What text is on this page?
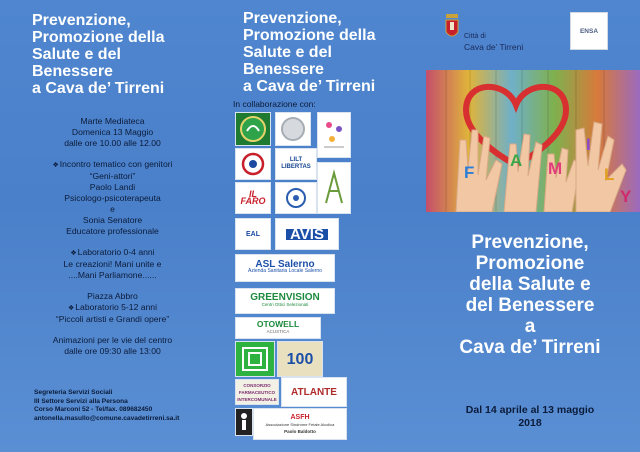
Prevenzione,
Promozione della
Salute e del
Benessere
a Cava de’ Tirreni

Marte Mediateca

Domenica 13 Maggio

dalle ore 10.00 alle 12.00

❖ Incontro tematico con genitori

“Geni-attori”

Paolo Landi

Psicologo-psicoterapeuta

e

Sonia Senatore

Educatore professionale

❖ Laboratorio 0-4 anni

Le creazioni! Mani unite e

....Mani Parliamone......

Piazza Abbro

❖ Laboratorio 5-12 anni

“Piccoli artisti e Grandi opere”

Animazioni per le vie del centro

dalle ore 09:30 alle 13:00

Segreteria Servizi Sociali

III Settore Servizi alla Persona

Corso Marconi 52 - Tel/fax. 089682450

antonella.masullo@comune.cavadetirreni.sa.it

Prevenzione,
Promozione della
Salute e del
Benessere
a Cava de’ Tirreni
In collaborazione con:
LILT
LIBERTAS
IL FARO
EAL	AVIS
ASL Salerno
Azienda Sanitaria Locale Salerno
GREENVISION
Centri Ottici Selezionati
OTOWELL
ACUSTICA
100
CONSORZIO FARMACEUTICO INTERCOMUNALE
ATLANTE
ASFH
Associazione Sindrome Fetale Alcolica
Paolo Baldotto
Città di
Cava de’ Tirreni
ENSA
F
A M
I
L
Y
Prevenzione,
Promozione
della Salute e
del Benessere
a
Cava de’ Tirreni
Dal 14 aprile al 13 maggio
2018
